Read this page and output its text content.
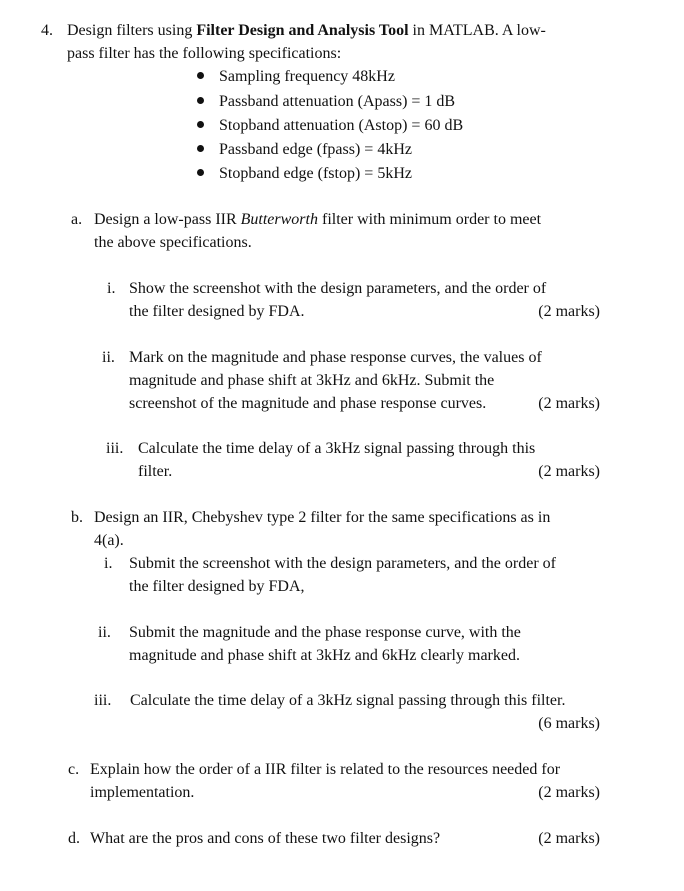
4. Design filters using Filter Design and Analysis Tool in MATLAB. A low-
pass filter has the following specifications:
Sampling frequency 48kHz
Passband attenuation (Apass) = 1 dB
Stopband attenuation (Astop) = 60 dB
Passband edge (fpass) = 4kHz
Stopband edge (fstop) = 5kHz
a. Design a low-pass IIR Butterworth filter with minimum order to meet
the above specifications.
i. Show the screenshot with the design parameters, and the order of
the filter designed by FDA.	(2 marks)
ii. Mark on the magnitude and phase response curves, the values of
magnitude and phase shift at 3kHz and 6kHz. Submit the
screenshot of the magnitude and phase response curves.	(2 marks)
iii. Calculate the time delay of a 3kHz signal passing through this
filter.	(2 marks)
b. Design an IIR, Chebyshev type 2 filter for the same specifications as in
4(a).
i. Submit the screenshot with the design parameters, and the order of
the filter designed by FDA,
ii. Submit the magnitude and the phase response curve, with the
magnitude and phase shift at 3kHz and 6kHz clearly marked.
iii. Calculate the time delay of a 3kHz signal passing through this filter.
(6 marks)
c. Explain how the order of a IIR filter is related to the resources needed for
implementation.	(2 marks)
d. What are the pros and cons of these two filter designs?	(2 marks)
